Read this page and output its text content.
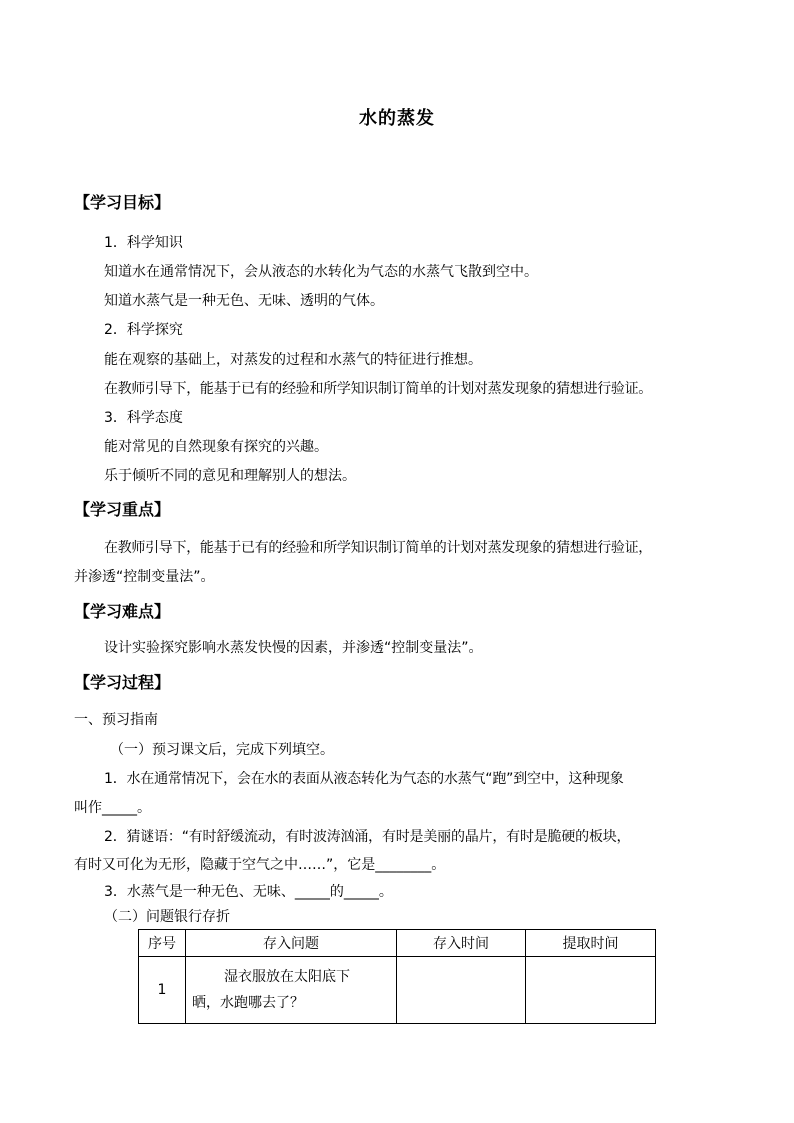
水的蒸发
【学习目标】
1．科学知识
知道水在通常情况下，会从液态的水转化为气态的水蒸气飞散到空中。
知道水蒸气是一种无色、无味、透明的气体。
2．科学探究
能在观察的基础上，对蒸发的过程和水蒸气的特征进行推想。
在教师引导下，能基于已有的经验和所学知识制订简单的计划对蒸发现象的猜想进行验证。
3．科学态度
能对常见的自然现象有探究的兴趣。
乐于倾听不同的意见和理解别人的想法。
【学习重点】
在教师引导下，能基于已有的经验和所学知识制订简单的计划对蒸发现象的猜想进行验证，
并渗透“控制变量法”。
【学习难点】
设计实验探究影响水蒸发快慢的因素，并渗透“控制变量法”。
【学习过程】
一、预习指南
（一）预习课文后，完成下列填空。
1．水在通常情况下，会在水的表面从液态转化为气态的水蒸气“跑”到空中，这种现象
叫作_____。
2．猜谜语：“有时舒缓流动，有时波涛汹涌，有时是美丽的晶片，有时是脆硬的板块，
有时又可化为无形，隐藏于空气之中……”，它是________。
3．水蒸气是一种无色、无味、_____的_____。
（二）问题银行存折
序号	存入问题	存入时间	提取时间
1	湿衣服放在太阳底下
晒，水跑哪去了？		
